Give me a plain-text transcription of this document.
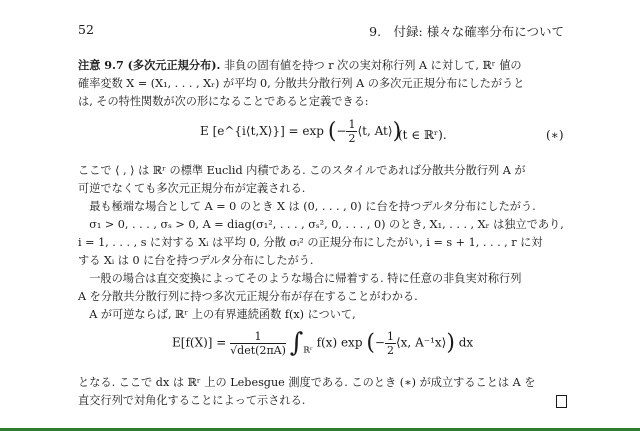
52	9.　付録: 様々な確率分布について
注意 9.7 (多次元正規分布). 非負の固有値を持つ r 次の実対称行列 A に対して, ℝʳ 値の
確率変数 X = (X₁, . . . , Xᵣ) が平均 0, 分散共分散行列 A の多次元正規分布にしたがうと
は, その特性関数が次の形になることであると定義できる:
E [e^{i⟨t,X⟩}] = exp (− $\frac{1}{2}$ ⟨t, At⟩)
(t ∈ ℝʳ).	(∗)
ここで ⟨ , ⟩ は ℝʳ の標準 Euclid 内積である. このスタイルであれば分散共分散行列 A が
可逆でなくても多次元正規分布が定義される.
　最も極端な場合として A = 0 のとき X は (0, . . . , 0) に台を持つデルタ分布にしたがう.
　σ₁ > 0, . . . , σₛ > 0, A = diag(σ₁², . . . , σₛ², 0, . . . , 0) のとき, X₁, . . . , Xᵣ は独立であり,
i = 1, . . . , s に対する Xᵢ は平均 0, 分散 σᵢ² の正規分布にしたがい, i = s + 1, . . . , r に対
する Xᵢ は 0 に台を持つデルタ分布にしたがう.
　一般の場合は直交変換によってそのような場合に帰着する. 特に任意の非負実対称行列
A を分散共分散行列に持つ多次元正規分布が存在することがわかる.
　A が可逆ならば, ℝʳ 上の有界連続函数 f(x) について,
$E[f(X)] = \frac{1}{√\det(2\pi A)} \int_{ℝʳ}$ f(x) exp (− $\frac{1}{2}$ ⟨x, A⁻¹x⟩) dx
となる. ここで dx は ℝʳ 上の Lebesgue 測度である. このとき (∗) が成立することは A を
直交行列で対角化することによって示される.
